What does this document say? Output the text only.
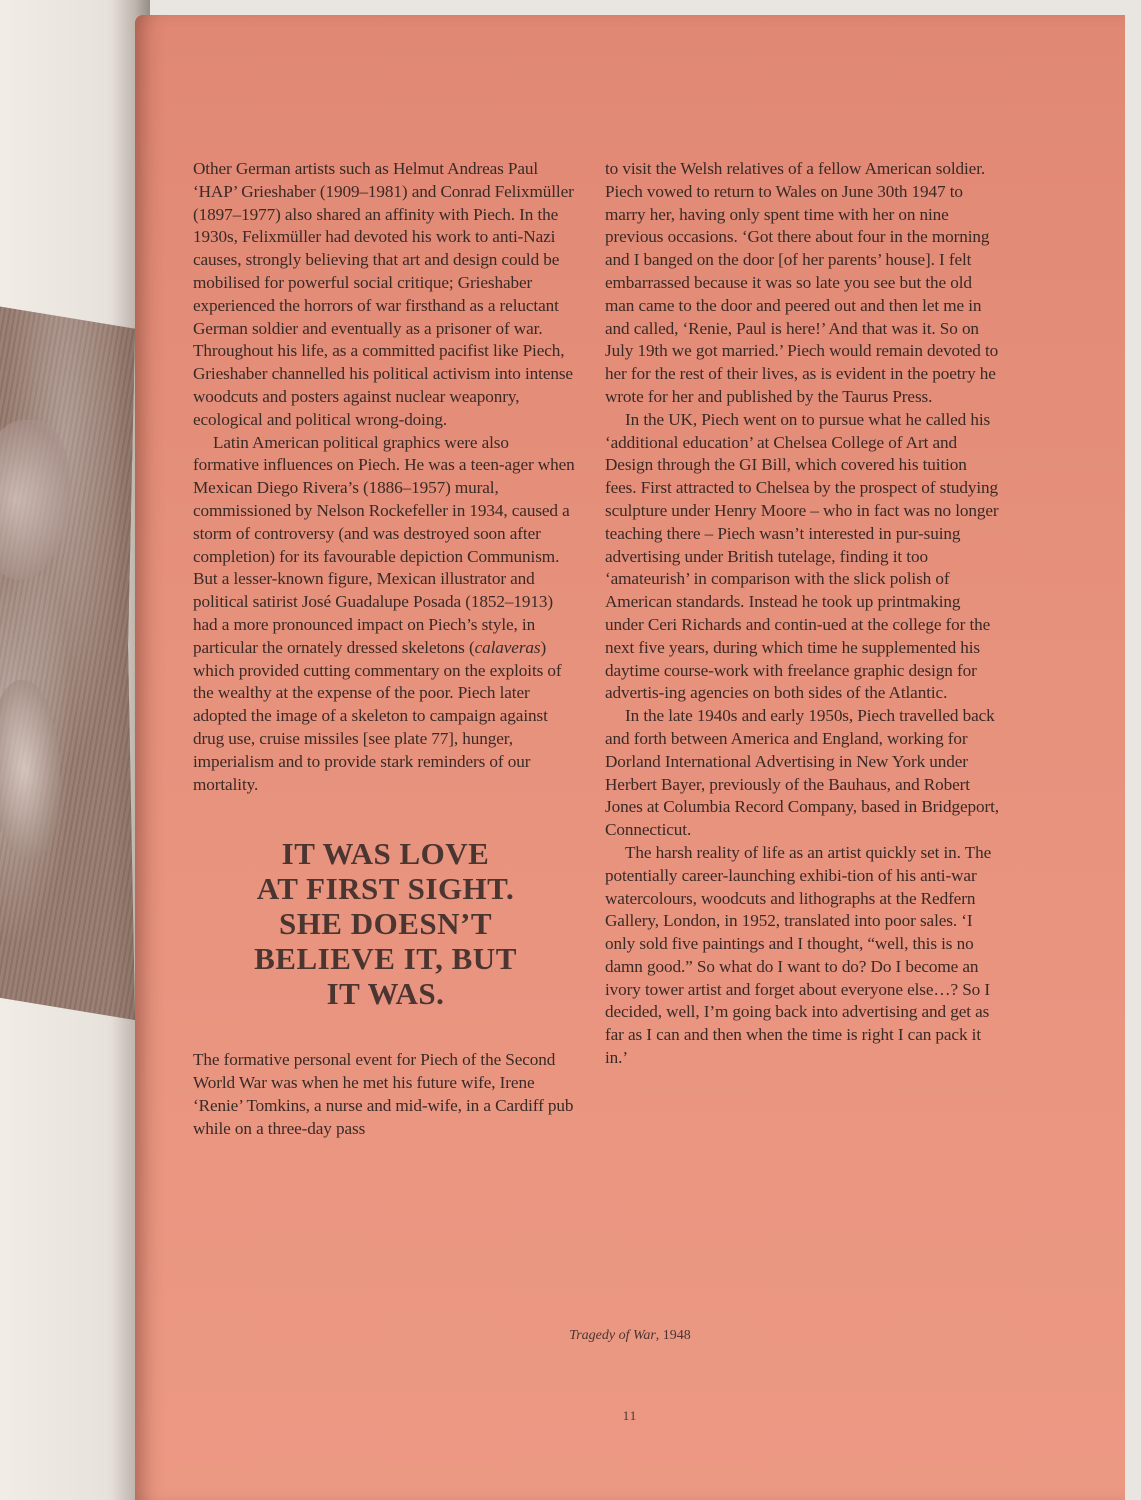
Other German artists such as Helmut Andreas Paul ‘HAP’ Grieshaber (1909–1981) and Conrad Felixmüller (1897–1977) also shared an affinity with Piech. In the 1930s, Felixmüller had devoted his work to anti-Nazi causes, strongly believing that art and design could be mobilised for powerful social critique; Grieshaber experienced the horrors of war firsthand as a reluctant German soldier and eventually as a prisoner of war. Throughout his life, as a committed pacifist like Piech, Grieshaber channelled his political activism into intense woodcuts and posters against nuclear weaponry, ecological and political wrong-doing.

Latin American political graphics were also formative influences on Piech. He was a teen-ager when Mexican Diego Rivera’s (1886–1957) mural, commissioned by Nelson Rockefeller in 1934, caused a storm of controversy (and was destroyed soon after completion) for its favourable depiction Communism. But a lesser-known figure, Mexican illustrator and political satirist José Guadalupe Posada (1852–1913) had a more pronounced impact on Piech’s style, in particular the ornately dressed skeletons (calaveras) which provided cutting commentary on the exploits of the wealthy at the expense of the poor. Piech later adopted the image of a skeleton to campaign against drug use, cruise missiles [see plate 77], hunger, imperialism and to provide stark reminders of our mortality.

IT WAS LOVE
AT FIRST SIGHT.
SHE DOESN’T
BELIEVE IT, BUT
IT WAS.

The formative personal event for Piech of the Second World War was when he met his future wife, Irene ‘Renie’ Tomkins, a nurse and mid-wife, in a Cardiff pub while on a three-day pass

to visit the Welsh relatives of a fellow American soldier. Piech vowed to return to Wales on June 30th 1947 to marry her, having only spent time with her on nine previous occasions. ‘Got there about four in the morning and I banged on the door [of her parents’ house]. I felt embarrassed because it was so late you see but the old man came to the door and peered out and then let me in and called, ‘Renie, Paul is here!’ And that was it. So on July 19th we got married.’ Piech would remain devoted to her for the rest of their lives, as is evident in the poetry he wrote for her and published by the Taurus Press.

In the UK, Piech went on to pursue what he called his ‘additional education’ at Chelsea College of Art and Design through the GI Bill, which covered his tuition fees. First attracted to Chelsea by the prospect of studying sculpture under Henry Moore – who in fact was no longer teaching there – Piech wasn’t interested in pur-suing advertising under British tutelage, finding it too ‘amateurish’ in comparison with the slick polish of American standards. Instead he took up printmaking under Ceri Richards and contin-ued at the college for the next five years, during which time he supplemented his daytime course-work with freelance graphic design for advertis-ing agencies on both sides of the Atlantic.

In the late 1940s and early 1950s, Piech travelled back and forth between America and England, working for Dorland International Advertising in New York under Herbert Bayer, previously of the Bauhaus, and Robert Jones at Columbia Record Company, based in Bridgeport, Connecticut.

The harsh reality of life as an artist quickly set in. The potentially career-launching exhibi-tion of his anti-war watercolours, woodcuts and lithographs at the Redfern Gallery, London, in 1952, translated into poor sales. ‘I only sold five paintings and I thought, “well, this is no damn good.” So what do I want to do? Do I become an ivory tower artist and forget about everyone else…? So I decided, well, I’m going back into advertising and get as far as I can and then when the time is right I can pack it in.’

Tragedy of War, 1948
11
